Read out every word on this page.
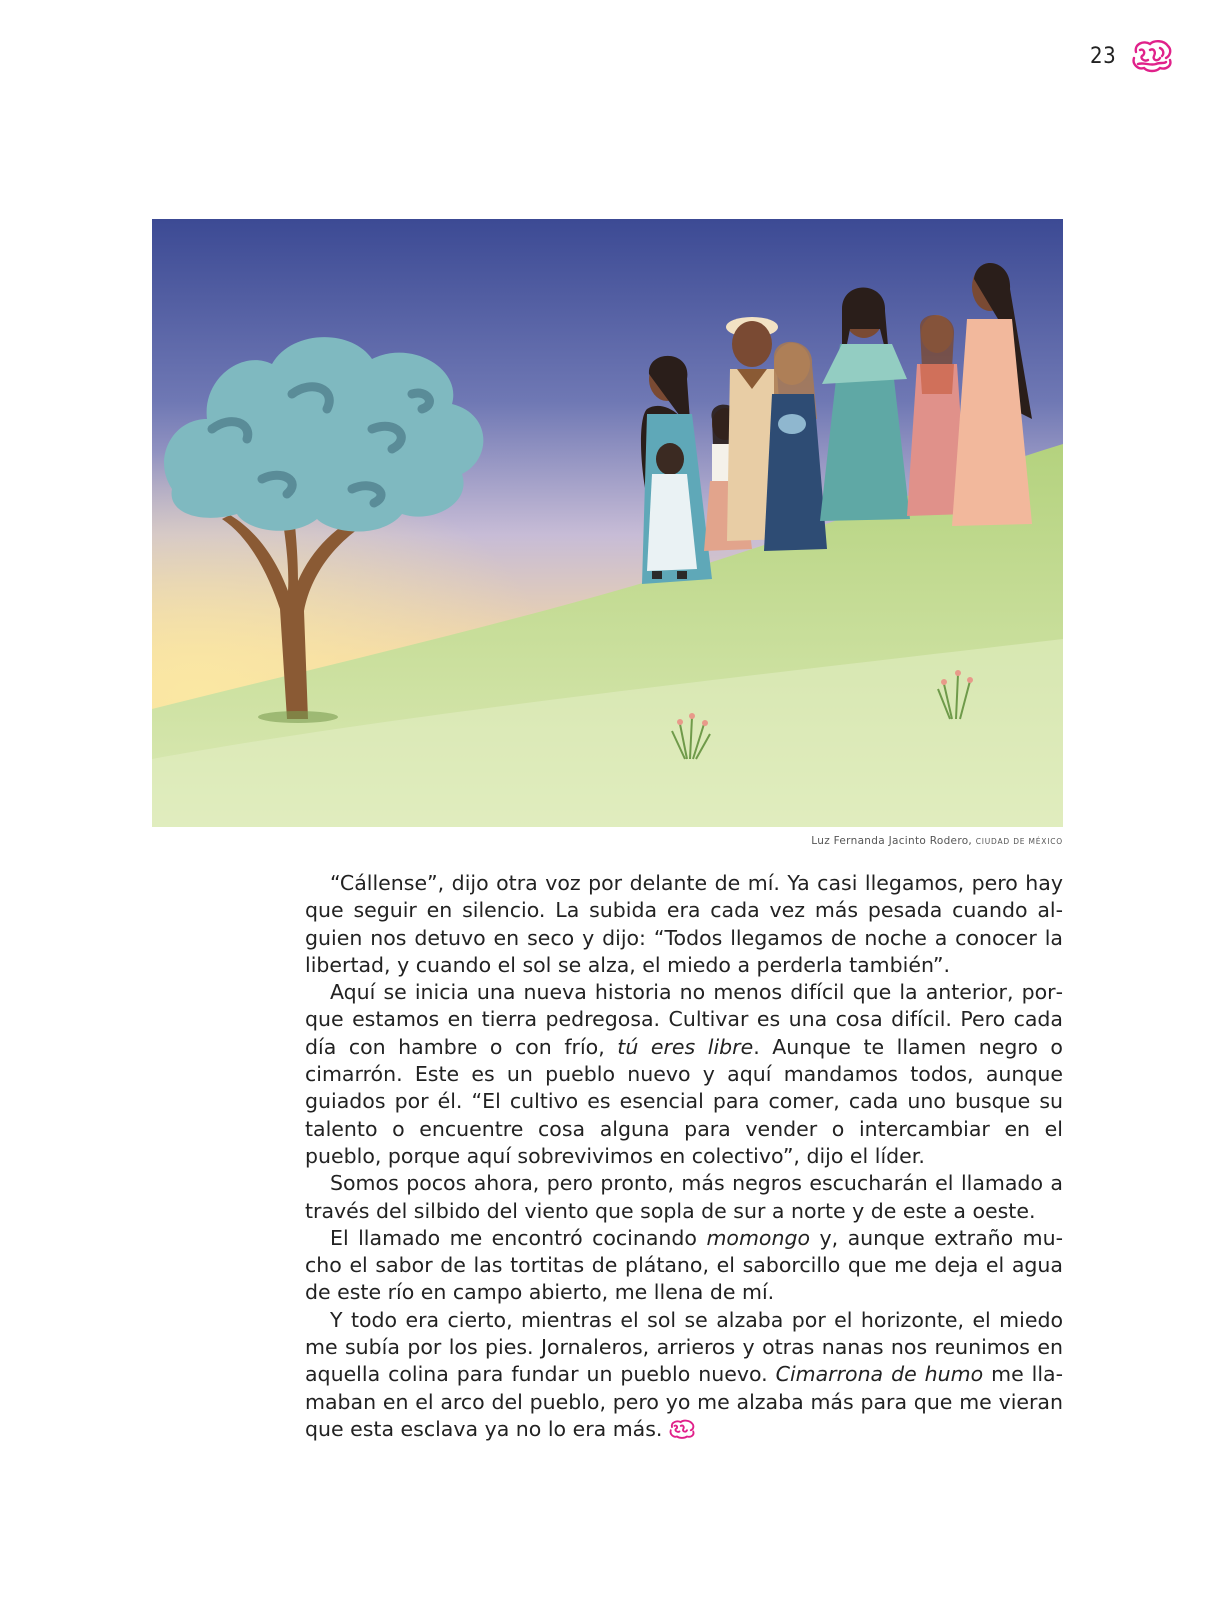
23
Luz Fernanda Jacinto Rodero, CIUDAD DE MÉXICO

“Cállense”, dijo otra voz por delante de mí. Ya casi llegamos, pero hay que seguir en silencio. La subida era cada vez más pesada cuando alguien nos detuvo en seco y dijo: “Todos llegamos de noche a conocer la libertad, y cuando el sol se alza, el miedo a perderla también”.

Aquí se inicia una nueva historia no menos difícil que la anterior, porque estamos en tierra pedregosa. Cultivar es una cosa difícil. Pero cada día con hambre o con frío, tú eres libre. Aunque te llamen negro o cimarrón. Este es un pueblo nuevo y aquí mandamos todos, aunque guiados por él. “El cultivo es esencial para comer, cada uno busque su talento o encuentre cosa alguna para vender o intercambiar en el pueblo, porque aquí sobrevivimos en colectivo”, dijo el líder.

Somos pocos ahora, pero pronto, más negros escucharán el llamado a través del silbido del viento que sopla de sur a norte y de este a oeste.

El llamado me encontró cocinando momongo y, aunque extraño mucho el sabor de las tortitas de plátano, el saborcillo que me deja el agua de este río en campo abierto, me llena de mí.

Y todo era cierto, mientras el sol se alzaba por el horizonte, el miedo me subía por los pies. Jornaleros, arrieros y otras nanas nos reunimos en aquella colina para fundar un pueblo nuevo. Cimarrona de humo me llamaban en el arco del pueblo, pero yo me alzaba más para que me vieran que esta esclava ya no lo era más.
